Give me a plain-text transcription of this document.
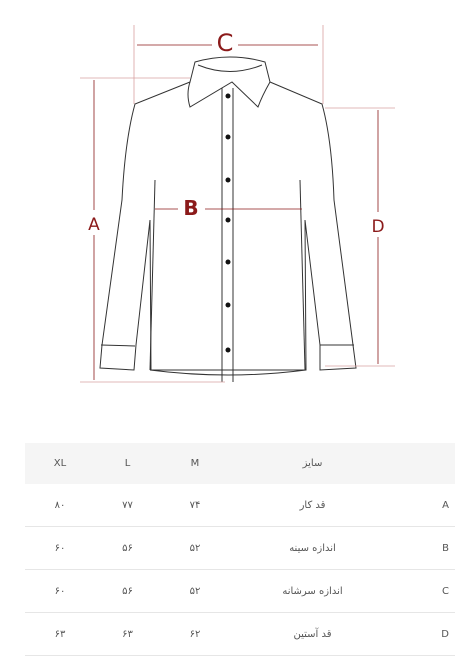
C
A
B
D
XL	L	M	سایز
۸۰	۷۷	۷۴	قد کار	A
۶۰	۵۶	۵۲	اندازه سینه	B
۶۰	۵۶	۵۲	اندازه سرشانه	C
۶۳	۶۳	۶۲	قد آستین	D
